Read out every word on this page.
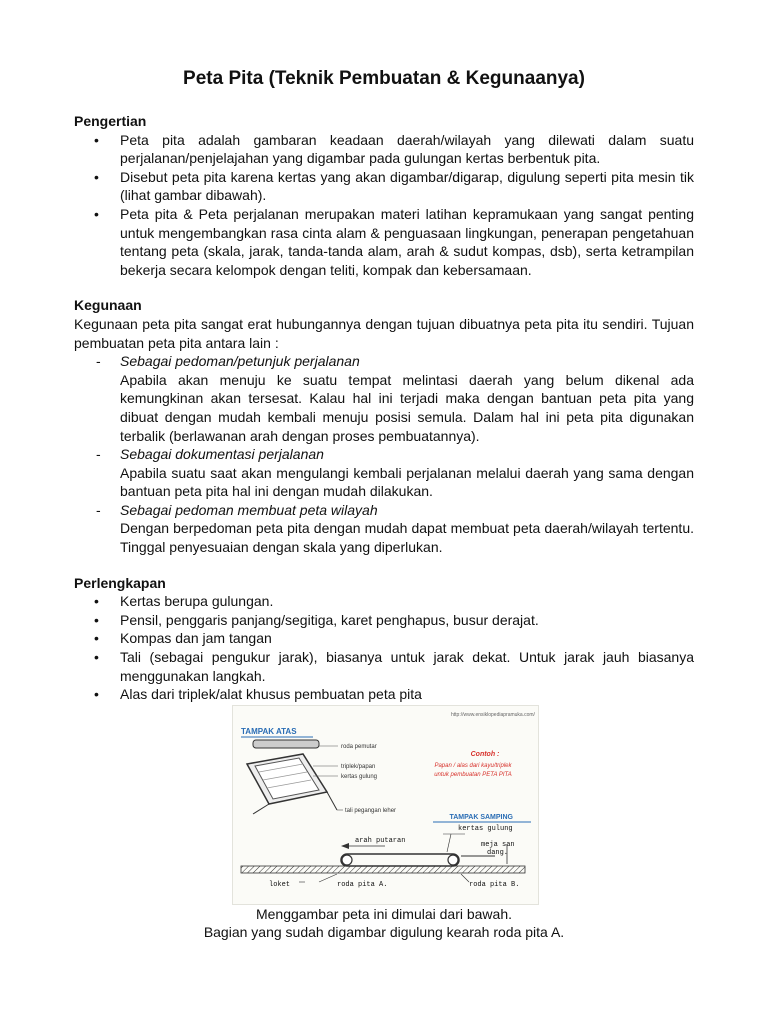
Peta Pita (Teknik Pembuatan & Kegunaanya)

Pengertian

• Peta pita adalah gambaran keadaan daerah/wilayah yang dilewati dalam suatu perjalanan/penjelajahan yang digambar pada gulungan kertas berbentuk pita.
• Disebut peta pita karena kertas yang akan digambar/digarap, digulung seperti pita mesin tik (lihat gambar dibawah).
• Peta pita & Peta perjalanan merupakan materi latihan kepramukaan yang sangat penting untuk mengembangkan rasa cinta alam & penguasaan lingkungan, penerapan pengetahuan tentang peta (skala, jarak, tanda-tanda alam, arah & sudut kompas, dsb), serta ketrampilan bekerja secara kelompok dengan teliti, kompak dan kebersamaan.

Kegunaan

Kegunaan peta pita sangat erat hubungannya dengan tujuan dibuatnya peta pita itu sendiri. Tujuan pembuatan peta pita antara lain :

- Sebagai pedoman/petunjuk perjalanan
Apabila akan menuju ke suatu tempat melintasi daerah yang belum dikenal ada kemungkinan akan tersesat. Kalau hal ini terjadi maka dengan bantuan peta pita yang dibuat dengan mudah kembali menuju posisi semula. Dalam hal ini peta pita digunakan terbalik (berlawanan arah dengan proses pembuatannya).
- Sebagai dokumentasi perjalanan
Apabila suatu saat akan mengulangi kembali perjalanan melalui daerah yang sama dengan bantuan peta pita hal ini dengan mudah dilakukan.
- Sebagai pedoman membuat peta wilayah
Dengan berpedoman peta pita dengan mudah dapat membuat peta daerah/wilayah tertentu. Tinggal penyesuaian dengan skala yang diperlukan.

Perlengkapan

• Kertas berupa gulungan.
• Pensil, penggaris panjang/segitiga, karet penghapus, busur derajat.
• Kompas dan jam tangan
• Tali (sebagai pengukur jarak), biasanya untuk jarak dekat. Untuk jarak jauh biasanya menggunakan langkah.
• Alas dari triplek/alat khusus pembuatan peta pita
http://www.ensiklopediapramuka.com/
TAMPAK ATAS
roda pemutar
triplek/papan
kertas gulung
tali pegangan leher
Contoh :
Papan / alas dari kayu/triplek
untuk pembuatan PETA PITA
TAMPAK SAMPING
kertas gulung
arah putaran	meja san
dang.
loket	roda pita A.	roda pita B.
Menggambar peta ini dimulai dari bawah.
Bagian yang sudah digambar digulung kearah roda pita A.
